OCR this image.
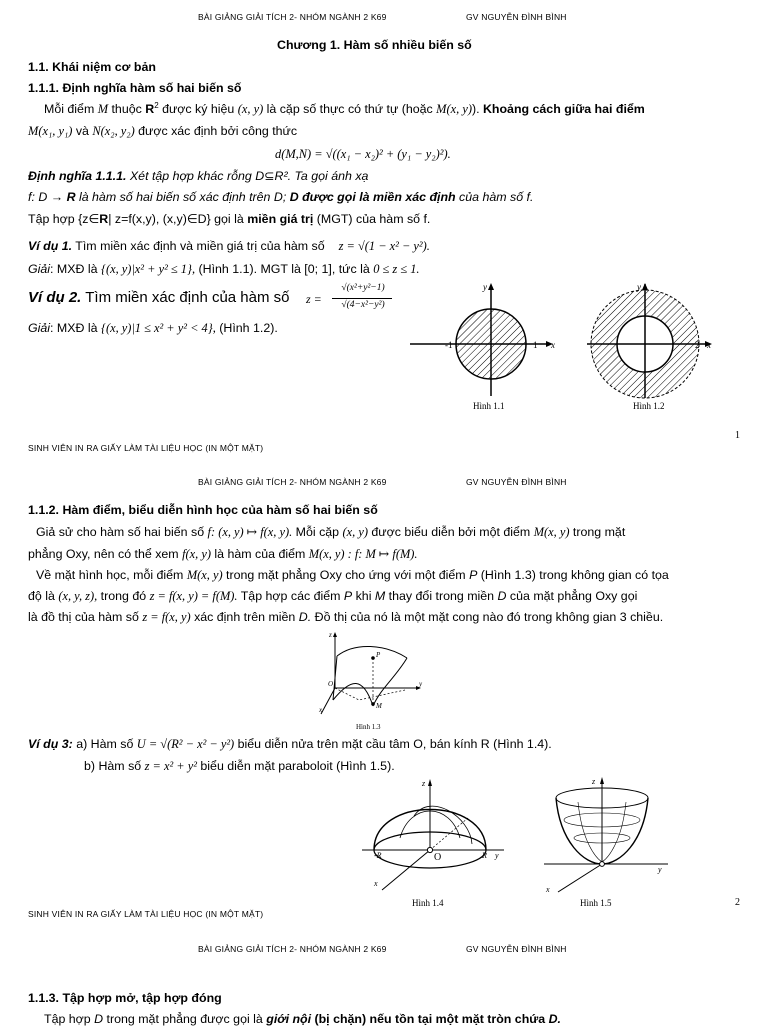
BÀI GIẢNG GIẢI TÍCH 2- NHÓM NGÀNH 2 K69	GV NGUYỄN ĐÌNH BÌNH
Chương 1. Hàm số nhiều biến số
1.1. Khái niệm cơ bản
1.1.1. Định nghĩa hàm số hai biến số
Mỗi điểm M thuộc $R^2$ được ký hiệu (x, y) là cặp số thực có thứ tự (hoặc M(x, y)). Khoảng cách giữa hai điểm
M(x₁, y₁) và N(x₂, y₂) được xác định bởi công thức
d(M,N) = √((x₁ − x₂)² + (y₁ − y₂)²).
Định nghĩa 1.1.1. Xét tập hợp khác rỗng D⊆R². Ta gọi ánh xạ
f: D → R là hàm số hai biến số xác định trên D; D được gọi là miền xác định của hàm số f.
Tập hợp {z∈R| z=f(x,y), (x,y)∈D} gọi là miền giá trị (MGT) của hàm số f.
Ví dụ 1. Tìm miền xác định và miền giá trị của hàm số z = √(1 − x² − y²).
Giải: MXĐ là {(x, y)|x² + y² ≤ 1}, (Hình 1.1). MGT là [0; 1], tức là 0 ≤ z ≤ 1.
Ví dụ 2. Tìm miền xác định của hàm số z =
√(x²+y²−1)
√(4−x²−y²)
Giải: MXĐ là {(x, y)|1 ≤ x² + y² < 4}, (Hình 1.2).
y
x
-1	1
Hình 1.1
y
x
2
Hình 1.2
SINH VIÊN IN RA GIẤY LÀM TÀI LIỆU HỌC (IN MỘT MẶT)
1
BÀI GIẢNG GIẢI TÍCH 2- NHÓM NGÀNH 2 K69	GV NGUYỄN ĐÌNH BÌNH
1.1.2. Hàm điểm, biểu diễn hình học của hàm số hai biến số
Giả sử cho hàm số hai biến số f: (x, y) ↦ f(x, y). Mỗi cặp (x, y) được biểu diễn bởi một điểm M(x, y) trong mặt
phẳng Oxy, nên có thể xem f(x, y) là hàm của điểm M(x, y) : f: M ↦ f(M).
Về mặt hình học, mỗi điểm M(x, y) trong mặt phẳng Oxy cho ứng với một điểm P (Hình 1.3) trong không gian có tọa
độ là (x, y, z), trong đó z = f(x, y) = f(M). Tập hợp các điểm P khi M thay đổi trong miền D của mặt phẳng Oxy gọi
là đồ thị của hàm số z = f(x, y) xác định trên miền D. Đồ thị của nó là một mặt cong nào đó trong không gian 3 chiều.
z
P
O	y
x	M
Hình 1.3
Ví dụ 3: a) Hàm số U = √(R² − x² − y²) biểu diễn nửa trên mặt cầu tâm O, bán kính R (Hình 1.4).
b) Hàm số z = x² + y² biểu diễn mặt paraboloit (Hình 1.5).
z
-R	O	R y
x
Hình 1.4
z
y
x
Hình 1.5
SINH VIÊN IN RA GIẤY LÀM TÀI LIỆU HỌC (IN MỘT MẶT)
2
BÀI GIẢNG GIẢI TÍCH 2- NHÓM NGÀNH 2 K69	GV NGUYỄN ĐÌNH BÌNH
1.1.3. Tập hợp mở, tập hợp đóng
Tập hợp D trong mặt phẳng được gọi là giới nội (bị chặn) nếu tồn tại một mặt tròn chứa D.
